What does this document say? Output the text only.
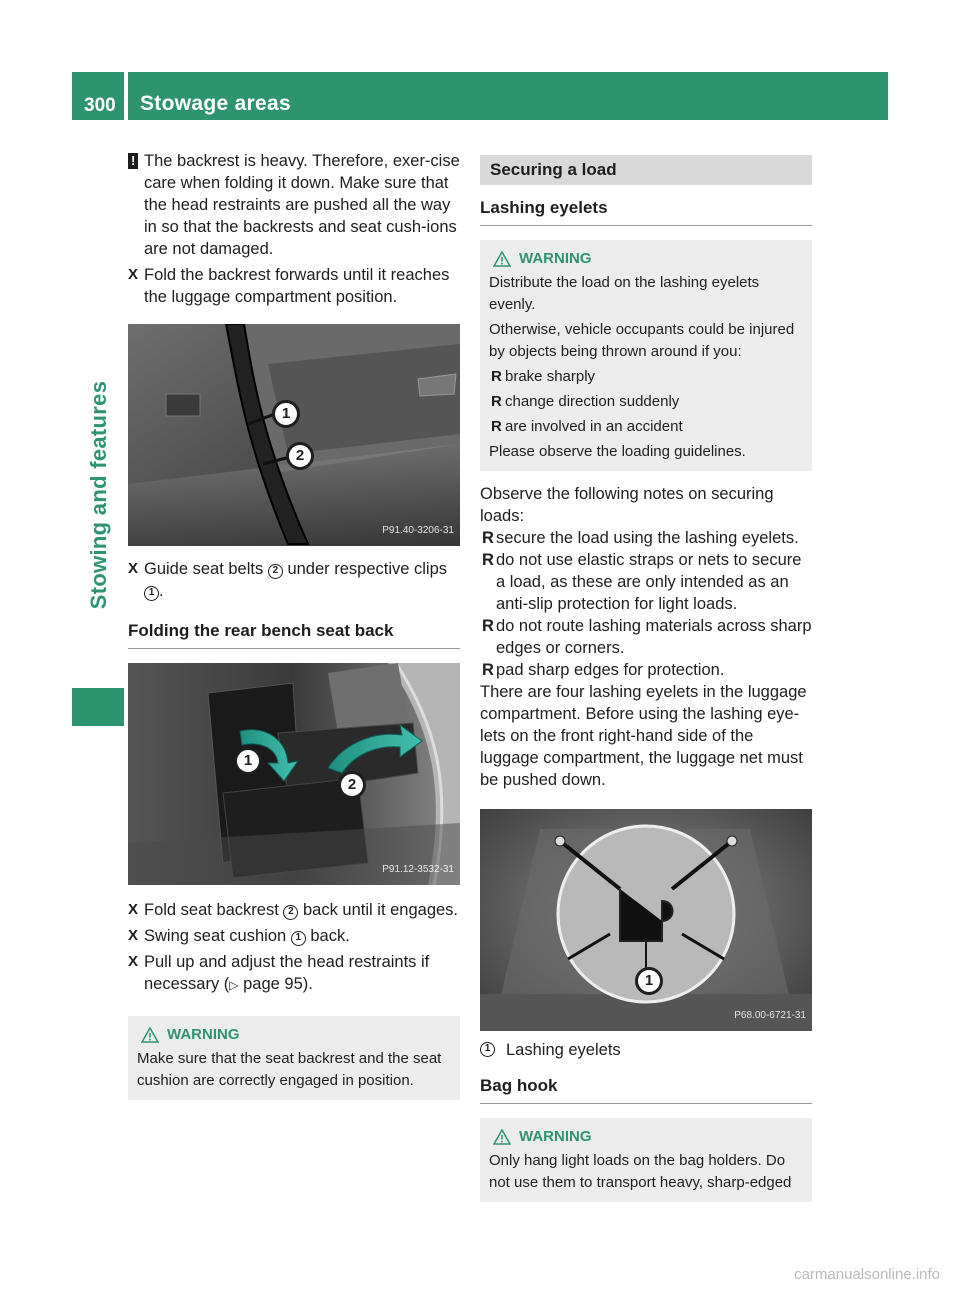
300	Stowage areas
Stowing and features
! The backrest is heavy. Therefore, exer-cise care when folding it down. Make sure that the head restraints are pushed all the way in so that the backrests and seat cush-ions are not damaged.
X Fold the backrest forwards until it reaches the luggage compartment position.
1
2
P91.40-3206-31
X Guide seat belts 2 under respective clips 1 .
Folding the rear bench seat back
1
2
P91.12-3532-31
X Fold seat backrest 2 back until it engages.
X Swing seat cushion 1 back.
X Pull up and adjust the head restraints if necessary (▷ page 95).
WARNING
Make sure that the seat backrest and the seat cushion are correctly engaged in position.
Securing a load
Lashing eyelets
WARNING
Distribute the load on the lashing eyelets evenly.
Otherwise, vehicle occupants could be injured by objects being thrown around if you:
R brake sharply
R change direction suddenly
R are involved in an accident
Please observe the loading guidelines.
Observe the following notes on securing loads:
R secure the load using the lashing eyelets.
R do not use elastic straps or nets to secure a load, as these are only intended as an anti-slip protection for light loads.
R do not route lashing materials across sharp edges or corners.
R pad sharp edges for protection.
There are four lashing eyelets in the luggage compartment. Before using the lashing eye-lets on the front right-hand side of the luggage compartment, the luggage net must be pushed down.
1
P68.00-6721-31
1 Lashing eyelets
Bag hook
WARNING
Only hang light loads on the bag holders. Do not use them to transport heavy, sharp-edged
carmanualsonline.info
